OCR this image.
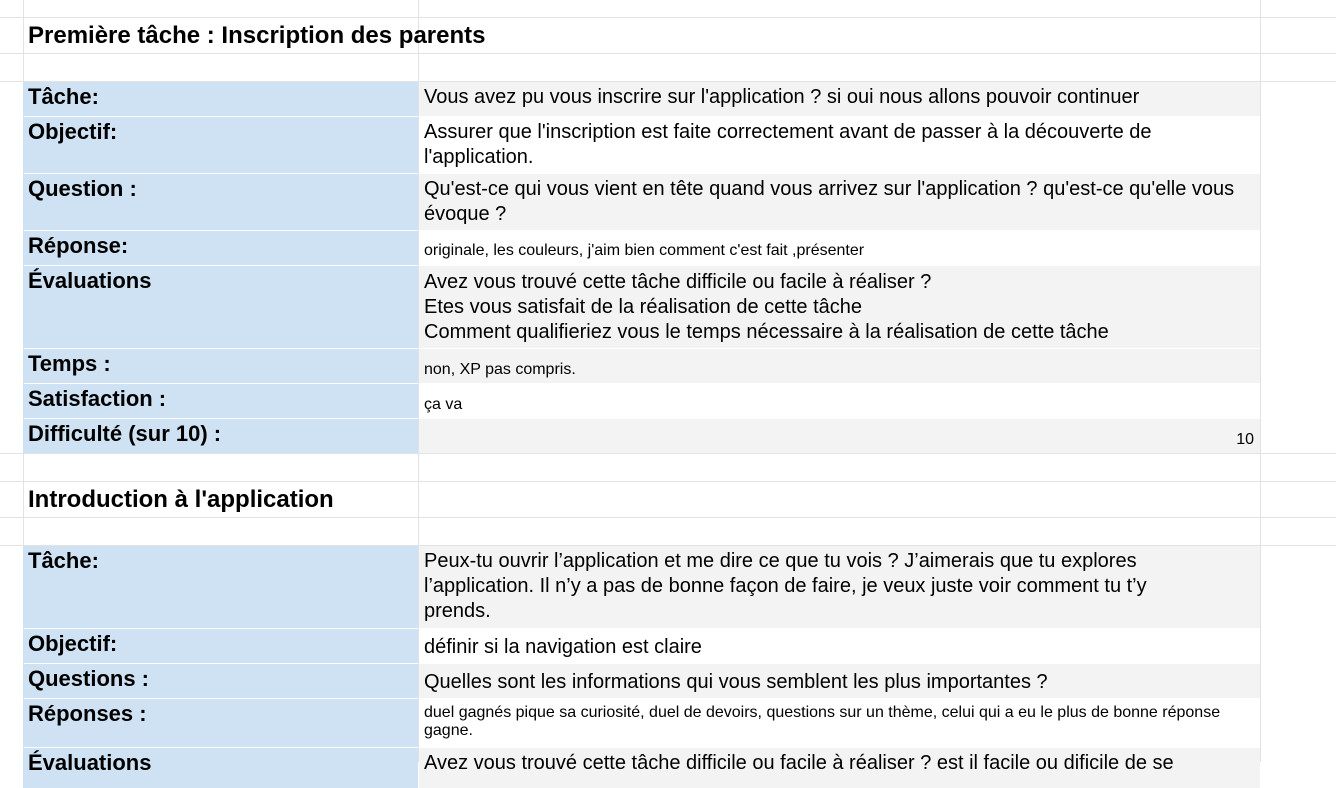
Première tâche : Inscription des parents
Tâche:	Vous avez pu vous inscrire sur l'application ? si oui nous allons pouvoir continuer
Objectif:	Assurer que l'inscription est faite correctement avant de passer à la découverte de l'application.
Question :	Qu'est-ce qui vous vient en tête quand vous arrivez sur l'application ? qu'est-ce qu'elle vous évoque ?
Réponse:	originale, les couleurs, j'aim bien comment c'est fait ,présenter
Évaluations	Avez vous trouvé cette tâche difficile ou facile à réaliser ?
Etes vous satisfait de la réalisation de cette tâche
Comment qualifieriez vous le temps nécessaire à la réalisation de cette tâche
Temps :	non, XP pas compris.
Satisfaction :	ça va
Difficulté (sur 10) :	10
Introduction à l'application
Tâche:	Peux-tu ouvrir l’application et me dire ce que tu vois ? J’aimerais que tu explores l’application. Il n’y a pas de bonne façon de faire, je veux juste voir comment tu t’y prends.
Objectif:	définir si la navigation est claire
Questions :	Quelles sont les informations qui vous semblent les plus importantes ?
Réponses :	duel gagnés pique sa curiosité, duel de devoirs, questions sur un thème, celui qui a eu le plus de bonne réponse gagne.
Évaluations	Avez vous trouvé cette tâche difficile ou facile à réaliser ? est il facile ou dificile de se
